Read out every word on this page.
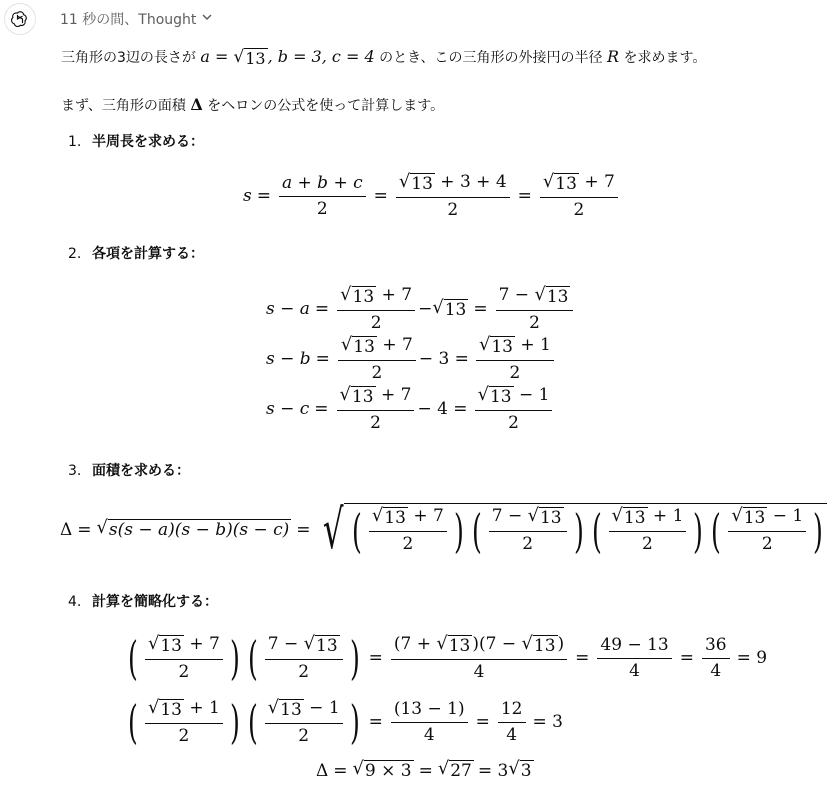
11 秒の間、Thought
三角形の3辺の長さが a = √ 13 , b = 3, c = 4 のとき、この三角形の外接円の半径 R を求めます。
まず、三角形の面積 Δ をヘロンの公式を使って計算します。
1. 半周長を求める：
$s = \frac{a + b + c}{2} = \frac{√ 13 + 3 + 4}{2} = \frac{√ 13 + 7}{2}$
2. 各項を計算する：
$s - a = \frac{√ 13 + 7}{2}$ − √ $13 = \frac{7 - √ 13}{2}$
$s - b = \frac{√ 13 + 7}{2} - 3 = \frac{√ 13 + 1}{2}$
$s - c = \frac{√ 13 + 7}{2} - 4 = \frac{√ 13 - 1}{2}$
3. 面積を求める：
Δ = √ s(s − a)(s − b)(s − c) = √ ( $\frac{√ 13 + 7}{2}$ ) ( $\frac{7 - √ 13}{2}$ ) ( $\frac{√ 13 + 1}{2}$ ) ( $\frac{√ 13 - 1}{2}$ )
4. 計算を簡略化する：
( $\frac{√ 13 + 7}{2}$ ) ( $\frac{7 - √ 13}{2}$ ) = $\frac{(7 + √ 13 )(7 - √ 13 )}{4} = \frac{49 - 13}{4} = \frac{36}{4} = 9$
( $\frac{√ 13 + 1}{2}$ ) ( $\frac{√ 13 - 1}{2}$ ) = $\frac{(13 - 1)}{4} = \frac{12}{4} = 3$
Δ = √ 9 × 3 = √ 27 = 3 √ 3
